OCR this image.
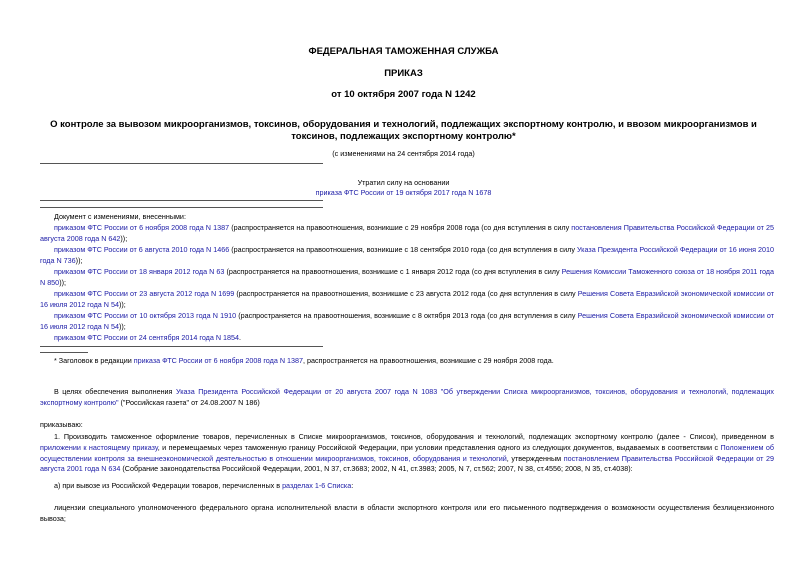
ФЕДЕРАЛЬНАЯ ТАМОЖЕННАЯ СЛУЖБА
ПРИКАЗ
от 10 октября 2007 года N 1242
О контроле за вывозом микроорганизмов, токсинов, оборудования и технологий, подлежащих экспортному контролю, и ввозом микроорганизмов и токсинов, подлежащих экспортному контролю*
(с изменениями на 24 сентября 2014 года)
Утратил силу на основании
приказа ФТС России от 19 октября 2017 года N 1678
Документ с изменениями, внесенными:
приказом ФТС России от 6 ноября 2008 года N 1387 (распространяется на правоотношения, возникшие с 29 ноября 2008 года (со дня вступления в силу постановления Правительства Российской Федерации от 25 августа 2008 года N 642));
приказом ФТС России от 6 августа 2010 года N 1466 (распространяется на правоотношения, возникшие с 18 сентября 2010 года (со дня вступления в силу Указа Президента Российской Федерации от 16 июня 2010 года N 736));
приказом ФТС России от 18 января 2012 года N 63 (распространяется на правоотношения, возникшие с 1 января 2012 года (со дня вступления в силу Решения Комиссии Таможенного союза от 18 ноября 2011 года N 850));
приказом ФТС России от 23 августа 2012 года N 1699 (распространяется на правоотношения, возникшие с 23 августа 2012 года (со дня вступления в силу Решения Совета Евразийской экономической комиссии от 16 июля 2012 года N 54));
приказом ФТС России от 10 октября 2013 года N 1910 (распространяется на правоотношения, возникшие с 8 октября 2013 года (со дня вступления в силу Решения Совета Евразийской экономической комиссии от 16 июля 2012 года N 54));
приказом ФТС России от 24 сентября 2014 года N 1854.
* Заголовок в редакции приказа ФТС России от 6 ноября 2008 года N 1387, распространяется на правоотношения, возникшие с 29 ноября 2008 года.
В целях обеспечения выполнения Указа Президента Российской Федерации от 20 августа 2007 года N 1083 "Об утверждении Списка микроорганизмов, токсинов, оборудования и технологий, подлежащих экспортному контролю" ("Российская газета" от 24.08.2007 N 186)
приказываю:
1. Производить таможенное оформление товаров, перечисленных в Списке микроорганизмов, токсинов, оборудования и технологий, подлежащих экспортному контролю (далее - Список), приведенном в приложении к настоящему приказу, и перемещаемых через таможенную границу Российской Федерации, при условии представления одного из следующих документов, выдаваемых в соответствии с Положением об осуществлении контроля за внешнеэкономической деятельностью в отношении микроорганизмов, токсинов, оборудования и технологий, утвержденным постановлением Правительства Российской Федерации от 29 августа 2001 года N 634 (Собрание законодательства Российской Федерации, 2001, N 37, ст.3683; 2002, N 41, ст.3983; 2005, N 7, ст.562; 2007, N 38, ст.4556; 2008, N 35, ст.4038):
а) при вывозе из Российской Федерации товаров, перечисленных в разделах 1-6 Списка:
лицензии специального уполномоченного федерального органа исполнительной власти в области экспортного контроля или его письменного подтверждения о возможности осуществления безлицензионного вывоза;
